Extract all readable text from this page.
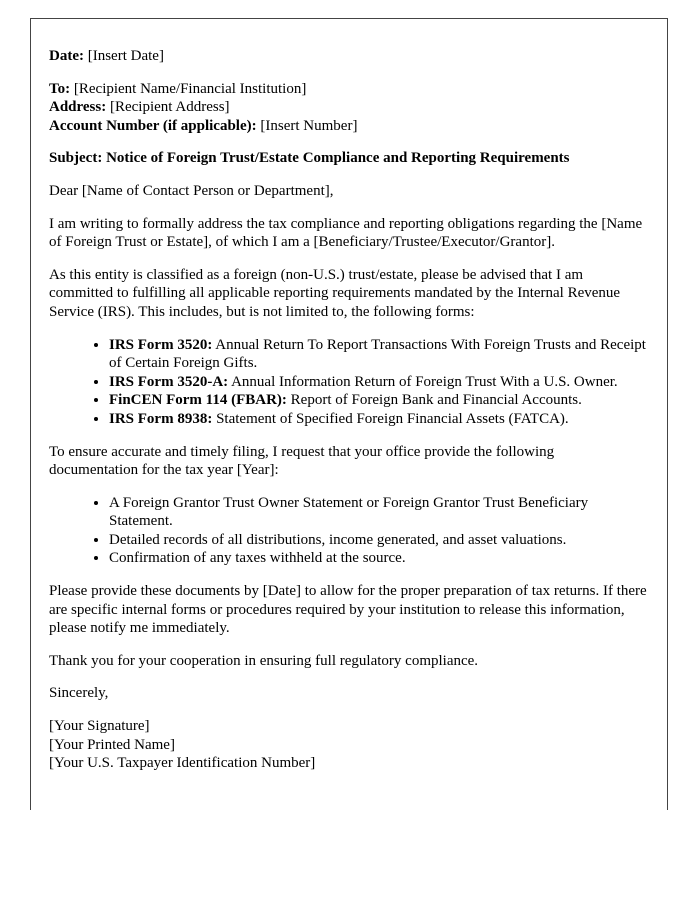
Date: [Insert Date]

To: [Recipient Name/Financial Institution]

Address: [Recipient Address]

Account Number (if applicable): [Insert Number]

Subject: Notice of Foreign Trust/Estate Compliance and Reporting Requirements

Dear [Name of Contact Person or Department],

I am writing to formally address the tax compliance and reporting obligations regarding the [Name of Foreign Trust or Estate], of which I am a [Beneficiary/Trustee/Executor/Grantor].

As this entity is classified as a foreign (non-U.S.) trust/estate, please be advised that I am committed to fulfilling all applicable reporting requirements mandated by the Internal Revenue Service (IRS). This includes, but is not limited to, the following forms:

• IRS Form 3520: Annual Return To Report Transactions With Foreign Trusts and Receipt of Certain Foreign Gifts.
• IRS Form 3520-A: Annual Information Return of Foreign Trust With a U.S. Owner.
• FinCEN Form 114 (FBAR): Report of Foreign Bank and Financial Accounts.
• IRS Form 8938: Statement of Specified Foreign Financial Assets (FATCA).

To ensure accurate and timely filing, I request that your office provide the following documentation for the tax year [Year]:

• A Foreign Grantor Trust Owner Statement or Foreign Grantor Trust Beneficiary Statement.
• Detailed records of all distributions, income generated, and asset valuations.
• Confirmation of any taxes withheld at the source.

Please provide these documents by [Date] to allow for the proper preparation of tax returns. If there are specific internal forms or procedures required by your institution to release this information, please notify me immediately.

Thank you for your cooperation in ensuring full regulatory compliance.

Sincerely,

[Your Signature]

[Your Printed Name]

[Your U.S. Taxpayer Identification Number]
